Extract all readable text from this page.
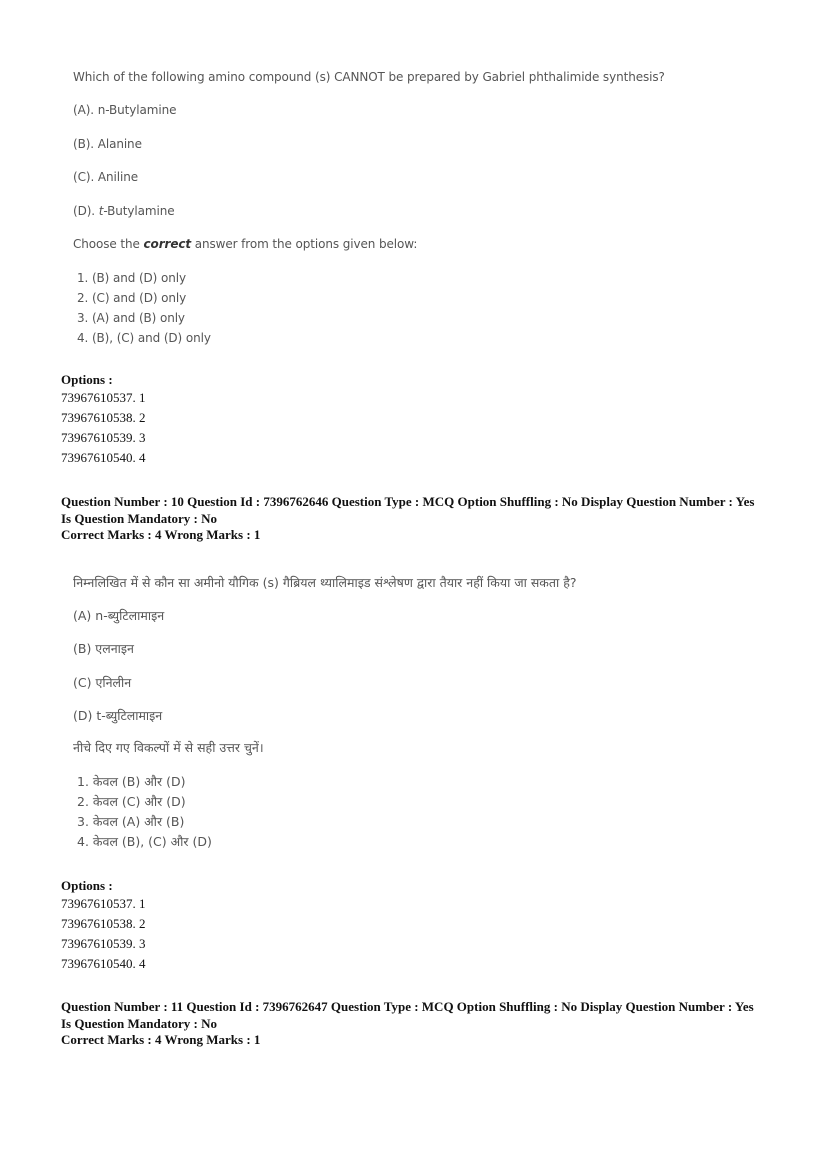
Which of the following amino compound (s) CANNOT be prepared by Gabriel phthalimide synthesis?
(A). n-Butylamine
(B). Alanine
(C). Aniline
(D). t-Butylamine
Choose the correct answer from the options given below:
1. (B) and (D) only
2. (C) and (D) only
3. (A) and (B) only
4. (B), (C) and (D) only
Options :
73967610537. 1
73967610538. 2
73967610539. 3
73967610540. 4
Question Number : 10 Question Id : 7396762646 Question Type : MCQ Option Shuffling : No Display Question Number : Yes
Is Question Mandatory : No
Correct Marks : 4 Wrong Marks : 1
निम्नलिखित में से कौन सा अमीनो यौगिक (s) गैब्रियल थ्यालिमाइड संश्लेषण द्वारा तैयार नहीं किया जा सकता है?
(A) n-ब्युटिलामाइन
(B) एलनाइन
(C) एनिलीन
(D) t-ब्युटिलामाइन
नीचे दिए गए विकल्पों में से सही उत्तर चुनें।
1. केवल (B) और (D)
2. केवल (C) और (D)
3. केवल (A) और (B)
4. केवल (B), (C) और (D)
Options :
73967610537. 1
73967610538. 2
73967610539. 3
73967610540. 4
Question Number : 11 Question Id : 7396762647 Question Type : MCQ Option Shuffling : No Display Question Number : Yes
Is Question Mandatory : No
Correct Marks : 4 Wrong Marks : 1
